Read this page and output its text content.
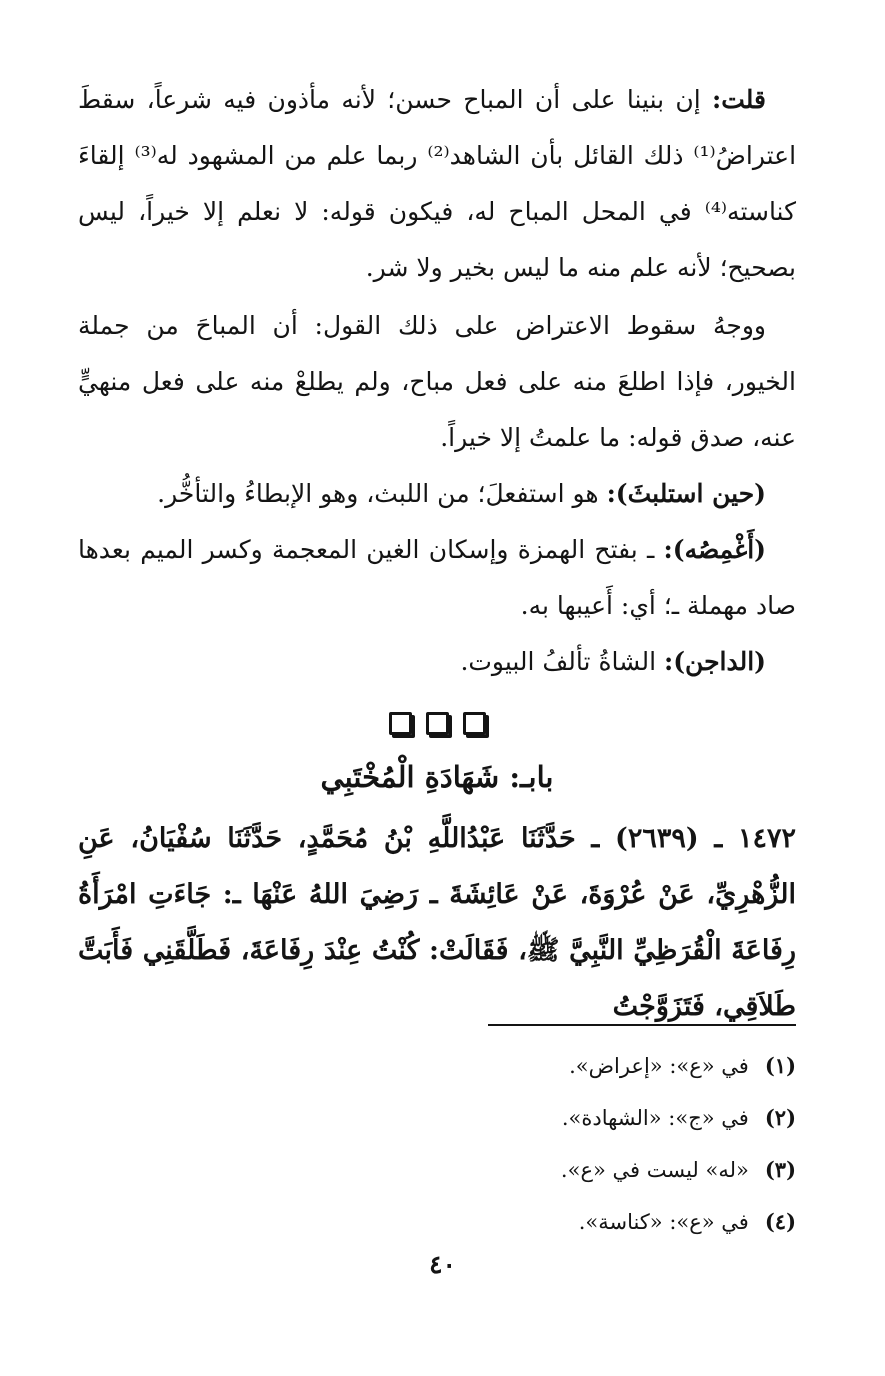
قلت: إن بنينا على أن المباح حسن؛ لأنه مأذون فيه شرعاً، سقطَ اعتراضُ⁽¹⁾ ذلك القائل بأن الشاهد⁽²⁾ ربما علم من المشهود له⁽³⁾ إلقاءَ كناسته⁽⁴⁾ في المحل المباح له، فيكون قوله: لا نعلم إلا خيراً، ليس بصحيح؛ لأنه علم منه ما ليس بخير ولا شر.

ووجهُ سقوط الاعتراض على ذلك القول: أن المباحَ من جملة الخيور، فإذا اطلعَ منه على فعل مباح، ولم يطلعْ منه على فعل منهيٍّ عنه، صدق قوله: ما علمتُ إلا خيراً.

(حين استلبثَ): هو استفعلَ؛ من اللبث، وهو الإبطاءُ والتأخُّر.

(أَغْمِصُه): ـ بفتح الهمزة وإسكان الغين المعجمة وكسر الميم بعدها صاد مهملة ـ؛ أي: أَعيبها به.

(الداجن): الشاةُ تألفُ البيوت.

بابـ: شَهَادَةِ الْمُخْتَبِي

١٤٧٢ ـ (٢٦٣٩) ـ حَدَّثَنَا عَبْدُاللَّهِ بْنُ مُحَمَّدٍ، حَدَّثَنَا سُفْيَانُ، عَنِ الزُّهْرِيِّ، عَنْ عُرْوَةَ، عَنْ عَائِشَةَ ـ رَضِيَ اللهُ عَنْهَا ـ: جَاءَتِ امْرَأَةُ رِفَاعَةَ الْقُرَظِيِّ النَّبِيَّ ﷺ، فَقَالَتْ: كُنْتُ عِنْدَ رِفَاعَةَ، فَطَلَّقَنِي فَأَبَتَّ طَلاَقِي، فَتَزَوَّجْتُ

(١)في «ع»: «إعراض».
(٢)في «ج»: «الشهادة».
(٣)«له» ليست في «ع».
(٤)في «ع»: «كناسة».
٤٠
